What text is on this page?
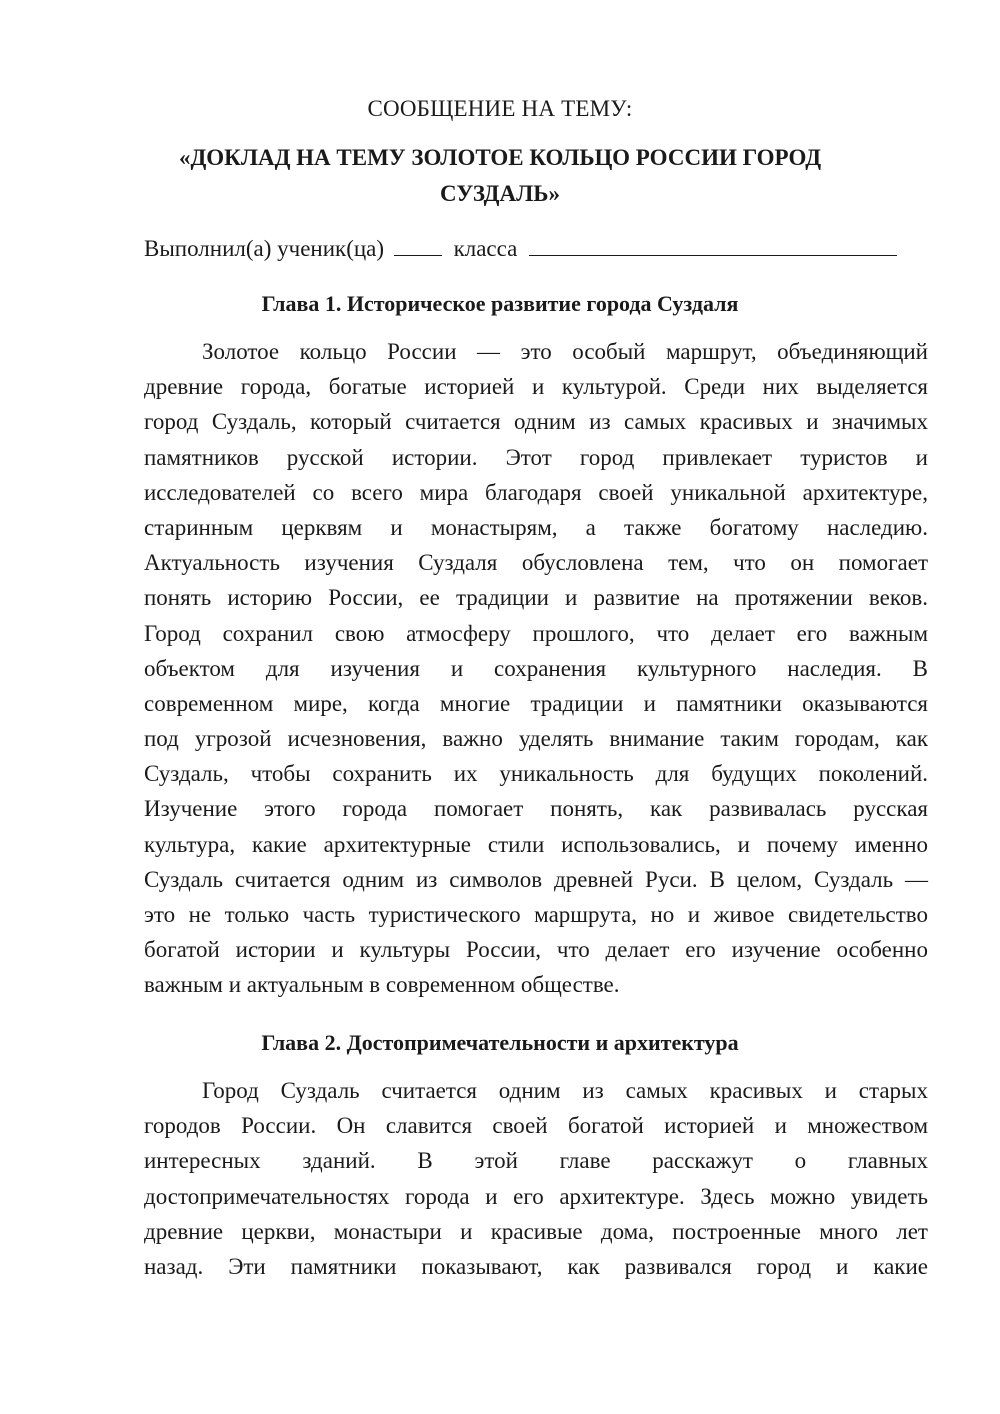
СООБЩЕНИЕ НА ТЕМУ:
«ДОКЛАД НА ТЕМУ ЗОЛОТОЕ КОЛЬЦО РОССИИ ГОРОД
СУЗДАЛЬ»
Выполнил(а) ученик(ца)	класса
Глава 1. Историческое развитие города Суздаля
Золотое кольцо России — это особый маршрут, объединяющий
древние города, богатые историей и культурой. Среди них выделяется
город Суздаль, который считается одним из самых красивых и значимых
памятников русской истории. Этот город привлекает туристов и
исследователей со всего мира благодаря своей уникальной архитектуре,
старинным церквям и монастырям, а также богатому наследию.
Актуальность изучения Суздаля обусловлена тем, что он помогает
понять историю России, ее традиции и развитие на протяжении веков.
Город сохранил свою атмосферу прошлого, что делает его важным
объектом для изучения и сохранения культурного наследия. В
современном мире, когда многие традиции и памятники оказываются
под угрозой исчезновения, важно уделять внимание таким городам, как
Суздаль, чтобы сохранить их уникальность для будущих поколений.
Изучение этого города помогает понять, как развивалась русская
культура, какие архитектурные стили использовались, и почему именно
Суздаль считается одним из символов древней Руси. В целом, Суздаль —
это не только часть туристического маршрута, но и живое свидетельство
богатой истории и культуры России, что делает его изучение особенно
важным и актуальным в современном обществе.
Глава 2. Достопримечательности и архитектура
Город Суздаль считается одним из самых красивых и старых
городов России. Он славится своей богатой историей и множеством
интересных зданий. В этой главе расскажут о главных
достопримечательностях города и его архитектуре. Здесь можно увидеть
древние церкви, монастыри и красивые дома, построенные много лет
назад. Эти памятники показывают, как развивался город и какие
